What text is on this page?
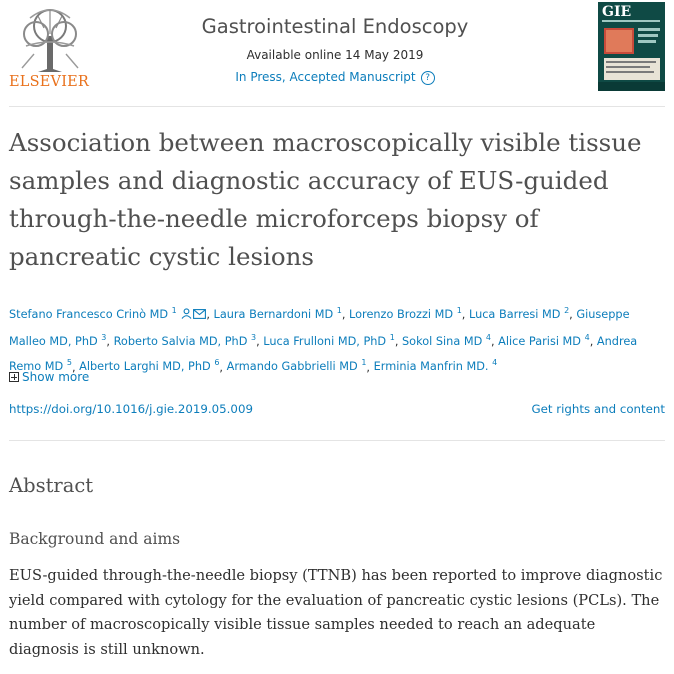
ELSEVIER
Gastrointestinal Endoscopy
Available online 14 May 2019
In Press, Accepted Manuscript	?
GIE
Association between macroscopically visible tissue samples and diagnostic accuracy of EUS-guided through-the-needle microforceps biopsy of pancreatic cystic lesions
Stefano Francesco Crinò MD $^1$	, Laura Bernardoni MD $^1$, Lorenzo Brozzi MD $^1$, Luca Barresi MD $^2$, Giuseppe Malleo MD, PhD $^3$, Roberto Salvia MD, PhD $^3$, Luca Frulloni MD, PhD $^1$, Sokol Sina MD $^4$, Alice Parisi MD $^4$, Andrea Remo MD $^5$, Alberto Larghi MD, PhD $^6$, Armando Gabbrielli MD $^1$, Erminia Manfrin MD. $^4$
Show more
https://doi.org/10.1016/j.gie.2019.05.009	Get rights and content
Abstract
Background and aims

EUS-guided through-the-needle biopsy (TTNB) has been reported to improve diagnostic yield compared with cytology for the evaluation of pancreatic cystic lesions (PCLs). The number of macroscopically visible tissue samples needed to reach an adequate diagnosis is still unknown.
